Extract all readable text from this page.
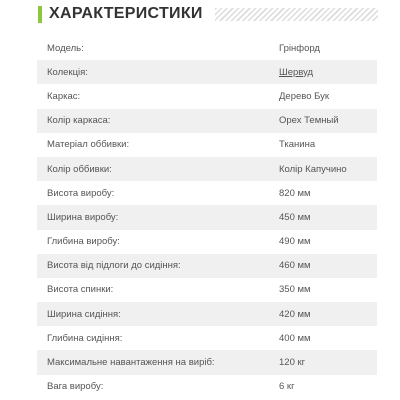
ХАРАКТЕРИСТИКИ
Модель:	Грінфорд
Колекція:	Шервуд
Каркас:	Дерево Бук
Колір каркаса:	Орех Темный
Матеріал оббивки:	Тканина
Колір оббивки:	Колір Капучино
Висота виробу:	820 мм
Ширина виробу:	450 мм
Глибина виробу:	490 мм
Висота від підлоги до сидіння:	460 мм
Висота спинки:	350 мм
Ширина сидіння:	420 мм
Глибина сидіння:	400 мм
Максимальне навантаження на виріб:	120 кг
Вага виробу:	6 кг
